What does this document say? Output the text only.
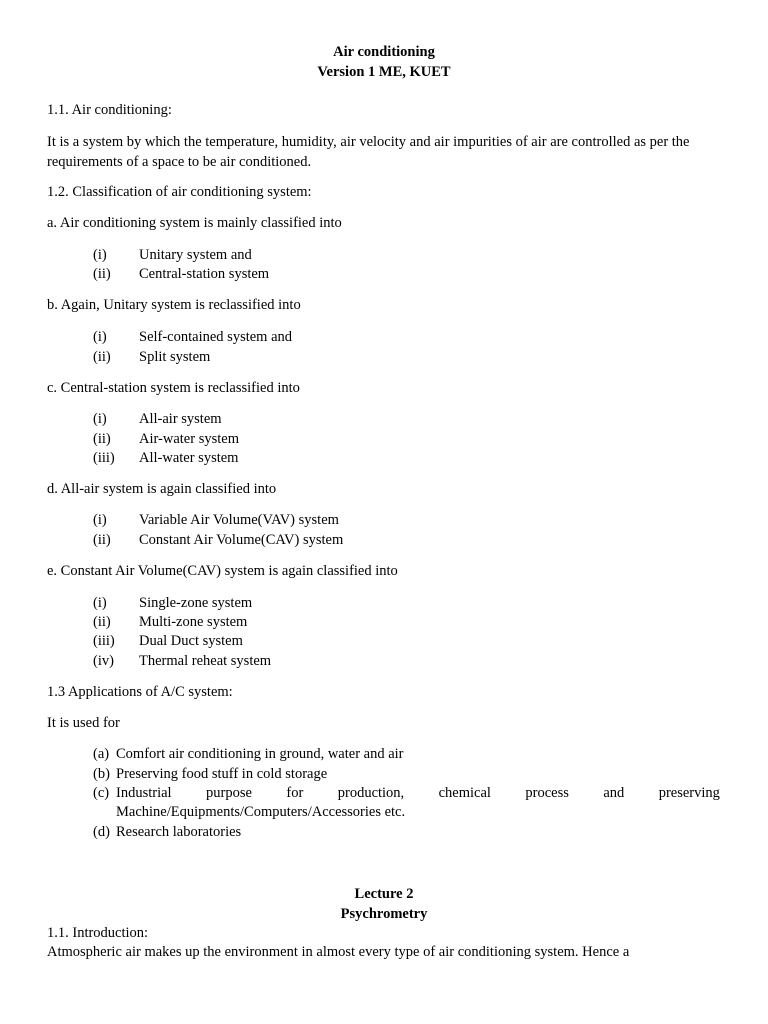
Air conditioning
Version 1 ME, KUET
1.1. Air conditioning:
It is a system by which the temperature, humidity, air velocity and air impurities of air are controlled as per the requirements of a space to be air conditioned.
1.2. Classification of air conditioning system:
a. Air conditioning system is mainly classified into
(i) Unitary system and
(ii) Central-station system
b. Again, Unitary system is reclassified into
(i) Self-contained system and
(ii) Split system
c. Central-station system is reclassified into
(i) All-air system
(ii) Air-water system
(iii) All-water system
d. All-air system is again classified into
(i) Variable Air Volume(VAV) system
(ii) Constant Air Volume(CAV) system
e. Constant Air Volume(CAV) system is again classified into
(i) Single-zone system
(ii) Multi-zone system
(iii) Dual Duct system
(iv) Thermal reheat system
1.3 Applications of A/C system:
It is used for
(a) Comfort air conditioning in ground, water and air
(b) Preserving food stuff in cold storage
(c) Industrial purpose for production, chemical process and preserving
Machine/Equipments/Computers/Accessories etc.
(d) Research laboratories
Lecture 2
Psychrometry
1.1. Introduction:
Atmospheric air makes up the environment in almost every type of air conditioning system. Hence a
